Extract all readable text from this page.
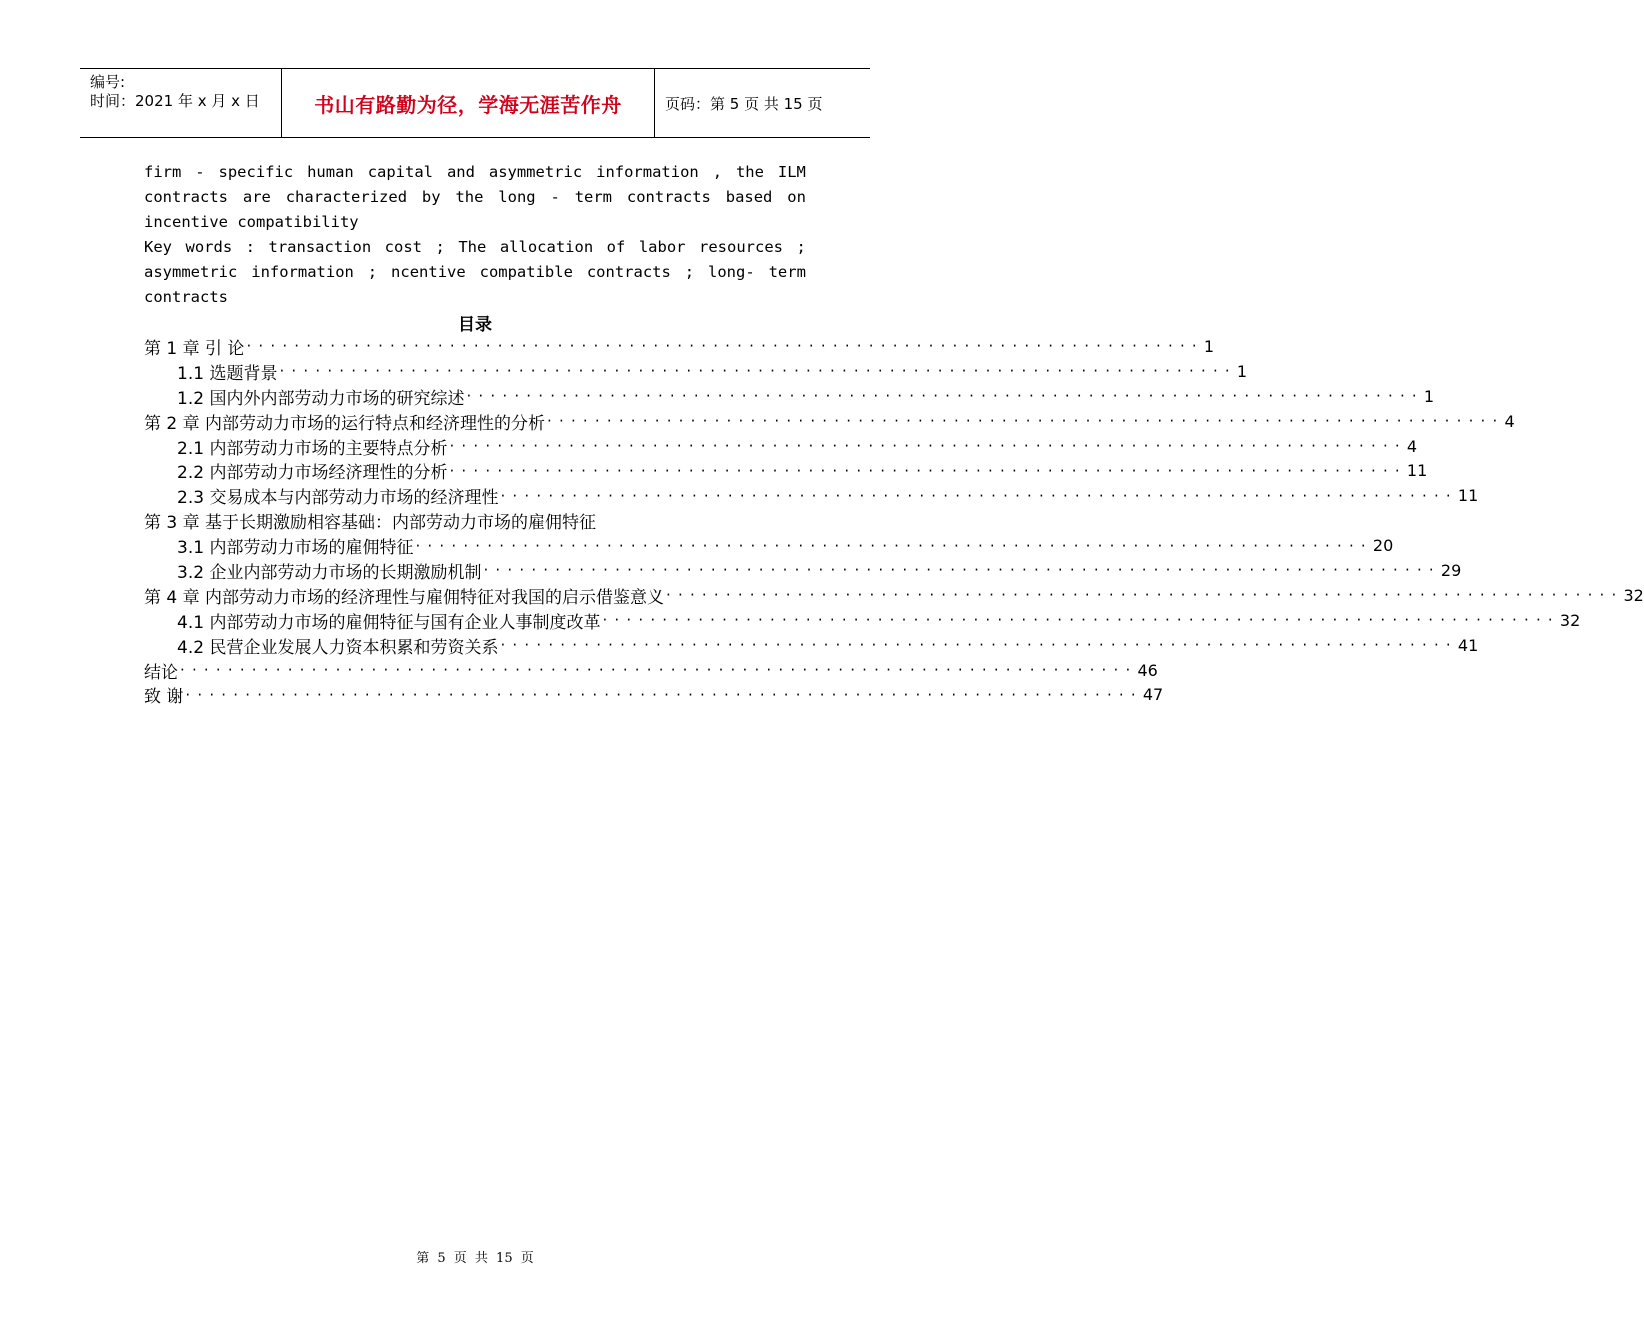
编号:
时间：2021 年 x 月 x 日	书山有路勤为径，学海无涯苦作舟	页码：第 5 页 共 15 页
firm - specific human capital and asymmetric information , the ILM
contracts are characterized by the long - term contracts based on
incentive compatibility
Key words : transaction cost ; The allocation of labor resources ;
asymmetric information ; ncentive compatible contracts ; long- term
contracts
目录
第 1 章 引 论 ················································································ 1
1.1 选题背景 ················································································ 1
1.2 国内外内部劳动力市场的研究综述 ················································································ 1
第 2 章 内部劳动力市场的运行特点和经济理性的分析 ················································································ 4
2.1 内部劳动力市场的主要特点分析 ················································································ 4
2.2 内部劳动力市场经济理性的分析 ················································································ 11
2.3 交易成本与内部劳动力市场的经济理性 ················································································ 11
第 3 章 基于长期激励相容基础：内部劳动力市场的雇佣特征
3.1 内部劳动力市场的雇佣特征 ················································································ 20
3.2 企业内部劳动力市场的长期激励机制 ················································································ 29
第 4 章 内部劳动力市场的经济理性与雇佣特征对我国的启示借鉴意义 ················································································ 32
4.1 内部劳动力市场的雇佣特征与国有企业人事制度改革 ················································································ 32
4.2 民营企业发展人力资本积累和劳资关系 ················································································ 41
结论 ················································································ 46
致 谢 ················································································ 47
第 5 页 共 15 页
